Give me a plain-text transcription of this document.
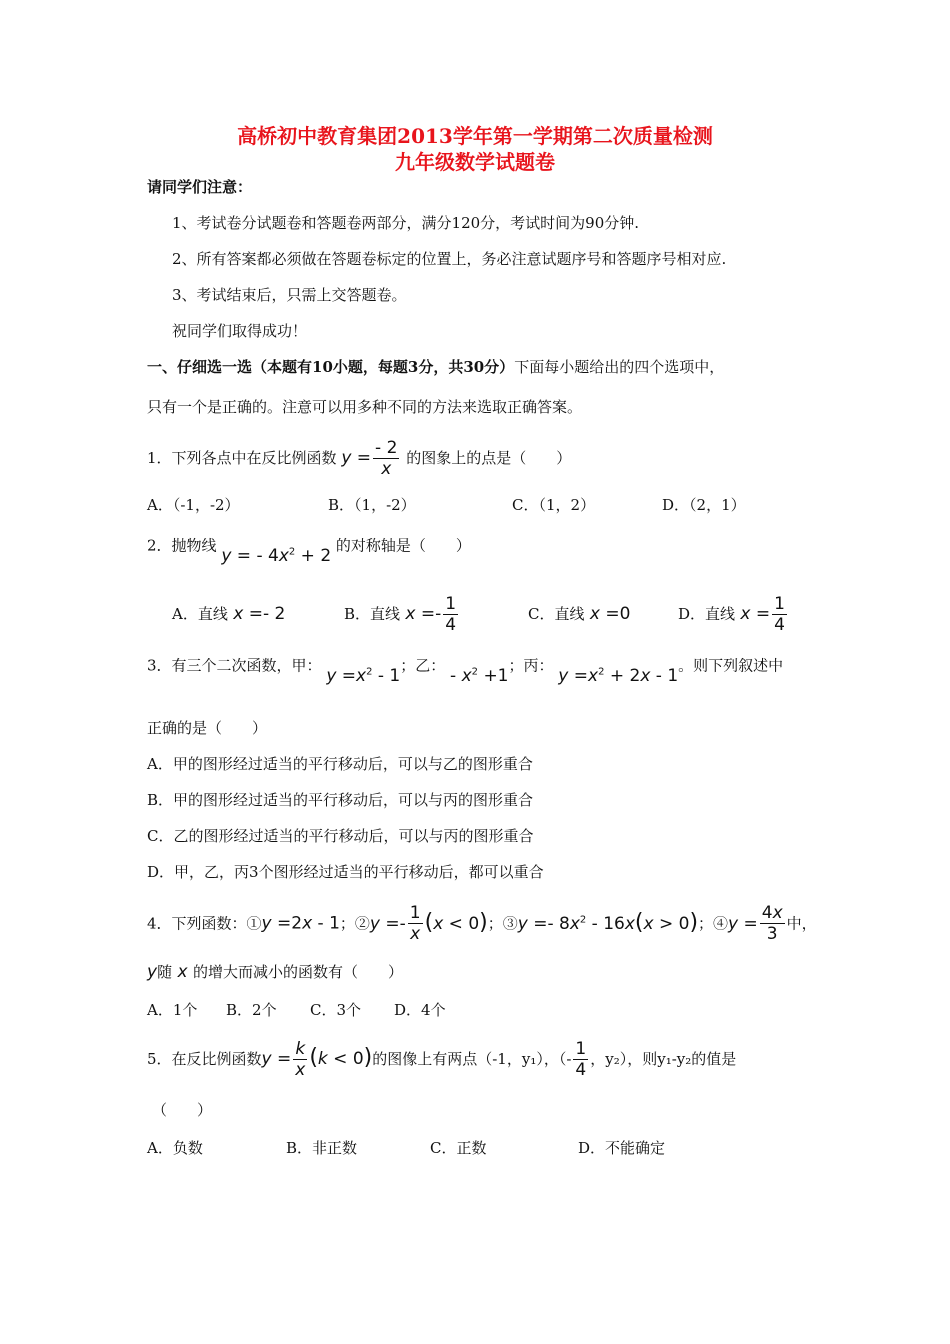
高桥初中教育集团2013学年第一学期第二次质量检测
九年级数学试题卷
请同学们注意：
1、考试卷分试题卷和答题卷两部分，满分120分，考试时间为90分钟.
2、所有答案都必须做在答题卷标定的位置上，务必注意试题序号和答题序号相对应.
3、考试结束后，只需上交答题卷。
祝同学们取得成功！
一、仔细选一选（本题有10小题，每题3分，共30分）下面每小题给出的四个选项中，
只有一个是正确的。注意可以用多种不同的方法来选取正确答案。
1．下列各点中在反比例函数 $y = \frac{- 2}{x}$ 的图象上的点是（　　）
A．（-1，-2）	B．（1，-2）	C．（1，2）	D．（2，1）
2．抛物线 y = - $4x^2 + 2$ 的对称轴是（　　）
A．直线 x =- 2	B．直线 $x =- \frac{1}{4}$	C．直线 x =0	D．直线 $x = \frac{1}{4}$
3．有三个二次函数，甲： $y =x^2 - 1$；乙： - $x^2 +1$；丙： $y =x^2 + 2x - 1$。则下列叙述中
正确的是（　　）
A．甲的图形经过适当的平行移动后，可以与乙的图形重合
B．甲的图形经过适当的平行移动后，可以与丙的图形重合
C．乙的图形经过适当的平行移动后，可以与丙的图形重合
D．甲，乙，丙3个图形经过适当的平行移动后，都可以重合
4．下列函数：①y =2x - 1；②y =- $\frac{1}{x} (x < 0)$；③y =- $8x^2 - 16x(x > 0)$；④y = $\frac{4x}{3}$ 中，
y随 x 的增大而减小的函数有（　　）
A．1个 B．2个 C．3个 D．4个
5．在反比例函数$y = \frac{k}{x} (k < 0)$的图像上有两点（-1，y₁），（- $\frac{1}{4}$ ，y₂），则y₁-y₂的值是
（　　）
A．负数	B．非正数	C．正数	D．不能确定
